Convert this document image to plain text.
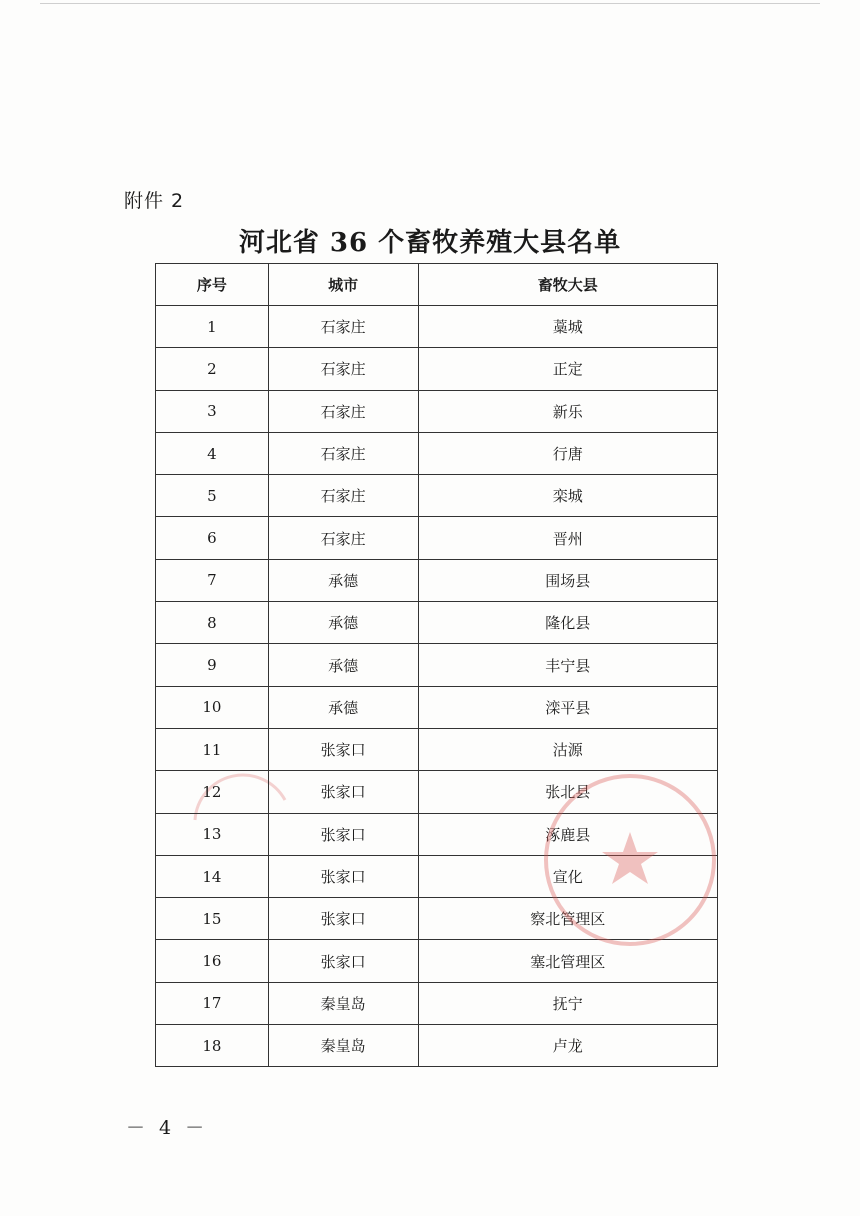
附件 2
河北省 36 个畜牧养殖大县名单
序号	城市	畜牧大县
1	石家庄	藁城
2	石家庄	正定
3	石家庄	新乐
4	石家庄	行唐
5	石家庄	栾城
6	石家庄	晋州
7	承德	围场县
8	承德	隆化县
9	承德	丰宁县
10	承德	滦平县
11	张家口	沽源
12	张家口	张北县
13	张家口	涿鹿县
14	张家口	宣化
15	张家口	察北管理区
16	张家口	塞北管理区
17	秦皇岛	抚宁
18	秦皇岛	卢龙
－ 4 －
